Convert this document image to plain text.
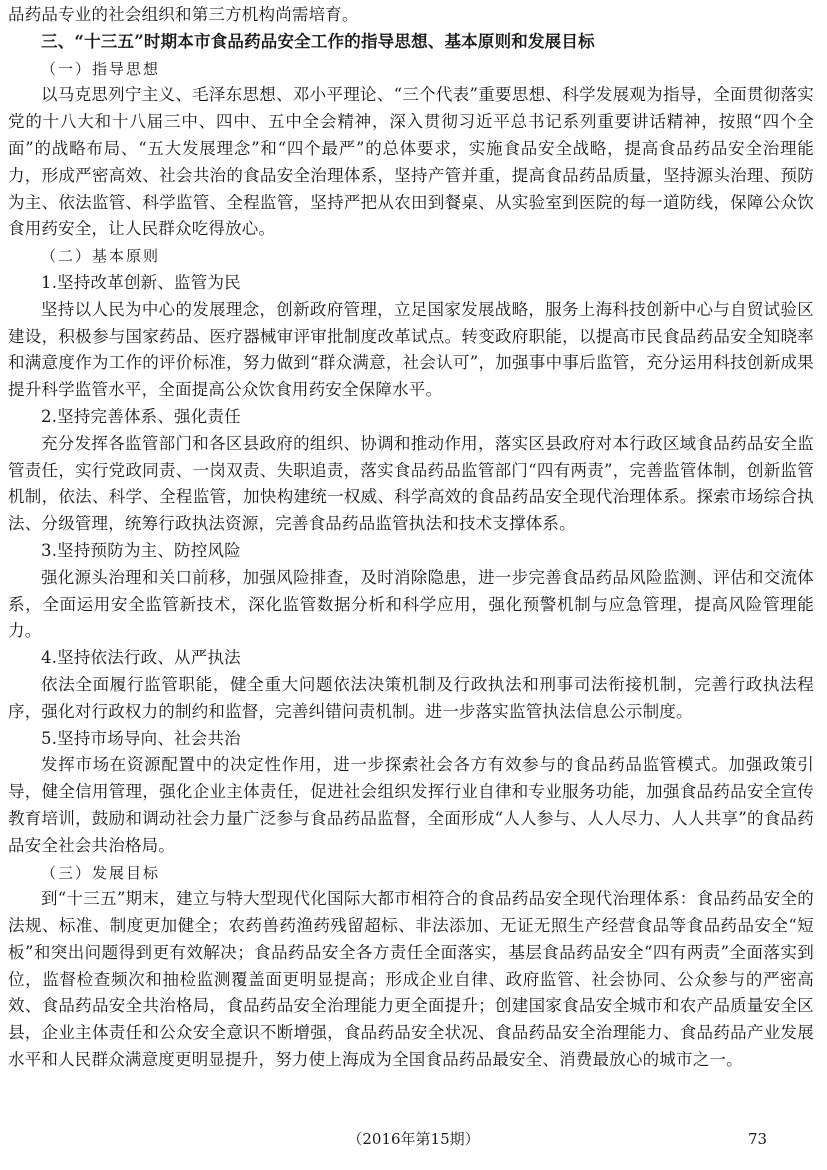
品药品专业的社会组织和第三方机构尚需培育。

三、“十三五”时期本市食品药品安全工作的指导思想、基本原则和发展目标

（一）指导思想

以马克思列宁主义、毛泽东思想、邓小平理论、“三个代表”重要思想、科学发展观为指导，全面贯彻落实党的十八大和十八届三中、四中、五中全会精神，深入贯彻习近平总书记系列重要讲话精神，按照“四个全面”的战略布局、“五大发展理念”和“四个最严”的总体要求，实施食品安全战略，提高食品药品安全治理能力，形成严密高效、社会共治的食品安全治理体系，坚持产管并重，提高食品药品质量，坚持源头治理、预防为主、依法监管、科学监管、全程监管，坚持严把从农田到餐桌、从实验室到医院的每一道防线，保障公众饮食用药安全，让人民群众吃得放心。

（二）基本原则

1.坚持改革创新、监管为民

坚持以人民为中心的发展理念，创新政府管理，立足国家发展战略，服务上海科技创新中心与自贸试验区建设，积极参与国家药品、医疗器械审评审批制度改革试点。转变政府职能，以提高市民食品药品安全知晓率和满意度作为工作的评价标准，努力做到“群众满意，社会认可”，加强事中事后监管，充分运用科技创新成果提升科学监管水平，全面提高公众饮食用药安全保障水平。

2.坚持完善体系、强化责任

充分发挥各监管部门和各区县政府的组织、协调和推动作用，落实区县政府对本行政区域食品药品安全监管责任，实行党政同责、一岗双责、失职追责，落实食品药品监管部门“四有两责”，完善监管体制，创新监管机制，依法、科学、全程监管，加快构建统一权威、科学高效的食品药品安全现代治理体系。探索市场综合执法、分级管理，统筹行政执法资源，完善食品药品监管执法和技术支撑体系。

3.坚持预防为主、防控风险

强化源头治理和关口前移，加强风险排查，及时消除隐患，进一步完善食品药品风险监测、评估和交流体系，全面运用安全监管新技术，深化监管数据分析和科学应用，强化预警机制与应急管理，提高风险管理能力。

4.坚持依法行政、从严执法

依法全面履行监管职能，健全重大问题依法决策机制及行政执法和刑事司法衔接机制，完善行政执法程序，强化对行政权力的制约和监督，完善纠错问责机制。进一步落实监管执法信息公示制度。

5.坚持市场导向、社会共治

发挥市场在资源配置中的决定性作用，进一步探索社会各方有效参与的食品药品监管模式。加强政策引导，健全信用管理，强化企业主体责任，促进社会组织发挥行业自律和专业服务功能，加强食品药品安全宣传教育培训，鼓励和调动社会力量广泛参与食品药品监督，全面形成“人人参与、人人尽力、人人共享”的食品药品安全社会共治格局。

（三）发展目标

到“十三五”期末，建立与特大型现代化国际大都市相符合的食品药品安全现代治理体系：食品药品安全的法规、标准、制度更加健全；农药兽药渔药残留超标、非法添加、无证无照生产经营食品等食品药品安全“短板”和突出问题得到更有效解决；食品药品安全各方责任全面落实，基层食品药品安全“四有两责”全面落实到位，监督检查频次和抽检监测覆盖面更明显提高；形成企业自律、政府监管、社会协同、公众参与的严密高效、食品药品安全共治格局，食品药品安全治理能力更全面提升；创建国家食品安全城市和农产品质量安全区县，企业主体责任和公众安全意识不断增强，食品药品安全状况、食品药品安全治理能力、食品药品产业发展水平和人民群众满意度更明显提升，努力使上海成为全国食品药品最安全、消费最放心的城市之一。

（2016年第15期）	73
